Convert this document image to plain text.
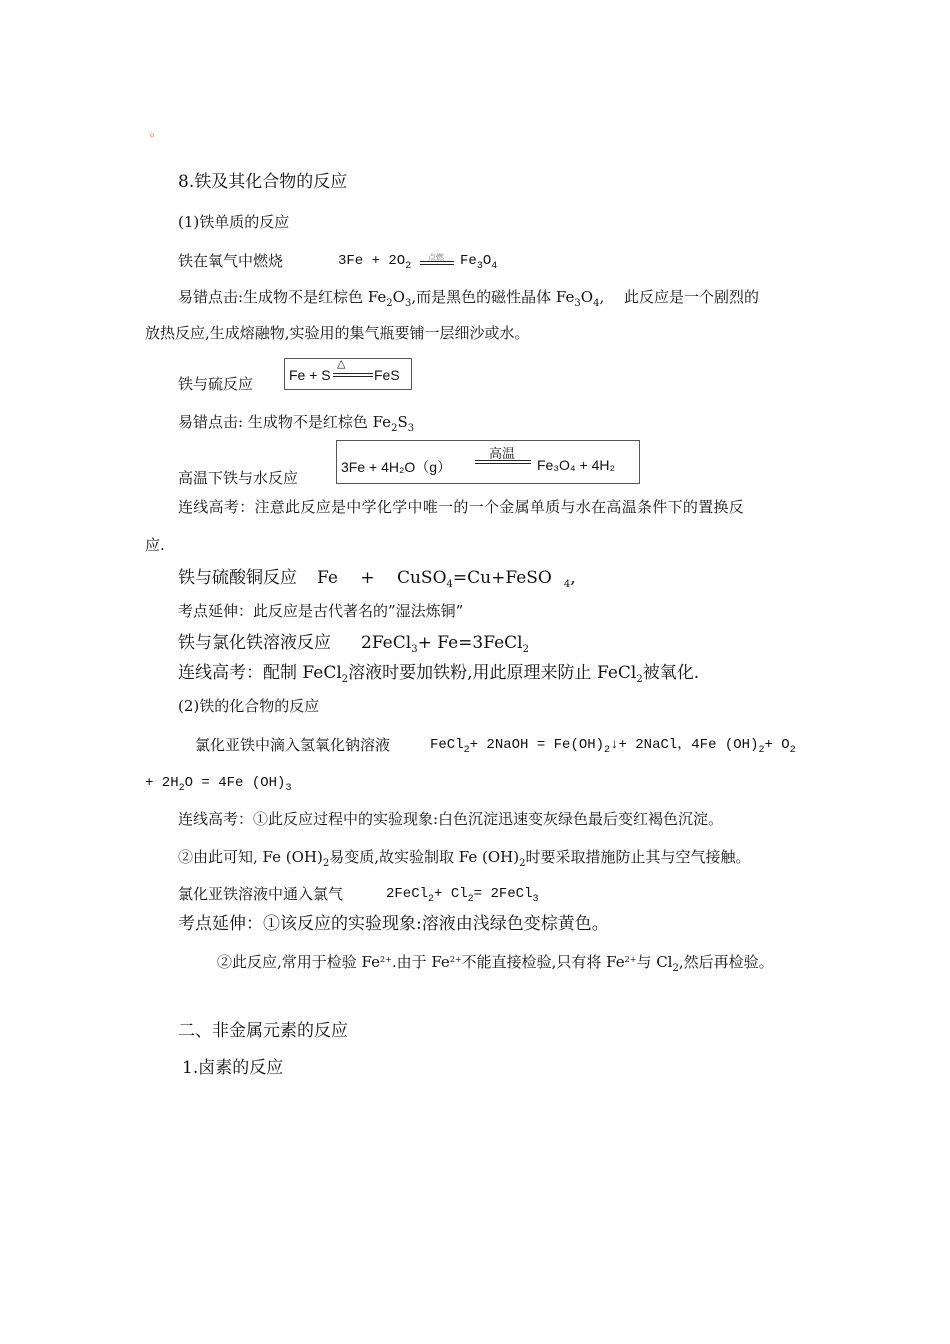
。
8.铁及其化合物的反应
(1)铁单质的反应
铁在氧气中燃烧	$3Fe + 2O_2$
点燃 $Fe_3O_4$
易错点击:生成物不是红棕色 $Fe_2O_3$,而是黑色的磁性晶体 $Fe_3O_4$,　 此反应是一个剧烈的
放热反应,生成熔融物,实验用的集气瓶要铺一层细沙或水。
铁与硫反应	Fe + S
△
FeS
易错点击: 生成物不是红棕色 $Fe_2S_3$
高温下铁与水反应
3Fe + 4H₂O（g）
高温
Fe₃O₄ + 4H₂
连线高考：注意此反应是中学化学中唯一的一个金属单质与水在高温条件下的置换反
应.
铁与硫酸铜反应 Fe　 +　 CuSO$_4$=Cu+FeSO $_4$,
考点延伸：此反应是古代著名的”湿法炼铜”
铁与氯化铁溶液反应 2FeCl$_3$+ Fe=3FeCl$_2$
连线高考：配制 FeCl$_2$溶液时要加铁粉,用此原理来防止 FeCl$_2$被氧化.
(2)铁的化合物的反应
氯化亚铁中滴入氢氧化钠溶液	FeCl$_2$+ 2NaOH = $Fe(OH)_2↓+$ 2NaCl，4Fe $(OH)_2+ O_2$
+ $2H_2O = 4Fe$ $(OH)_3$
连线高考：①此反应过程中的实验现象:白色沉淀迅速变灰绿色最后变红褐色沉淀。
②由此可知, Fe $(OH)_2$易变质,故实验制取 Fe $(OH)_2$时要采取措施防止其与空气接触。
氯化亚铁溶液中通入氯气	2FeCl$_2$+ $Cl_2=$ 2FeCl$_3$
考点延伸：①该反应的实验现象:溶液由浅绿色变棕黄色。
②此反应,常用于检验 $Fe^{2+}$.由于 $Fe^{2+}$不能直接检验,只有将 $Fe^{2+}$与 $Cl_2$,然后再检验。
二、非金属元素的反应
1.卤素的反应
